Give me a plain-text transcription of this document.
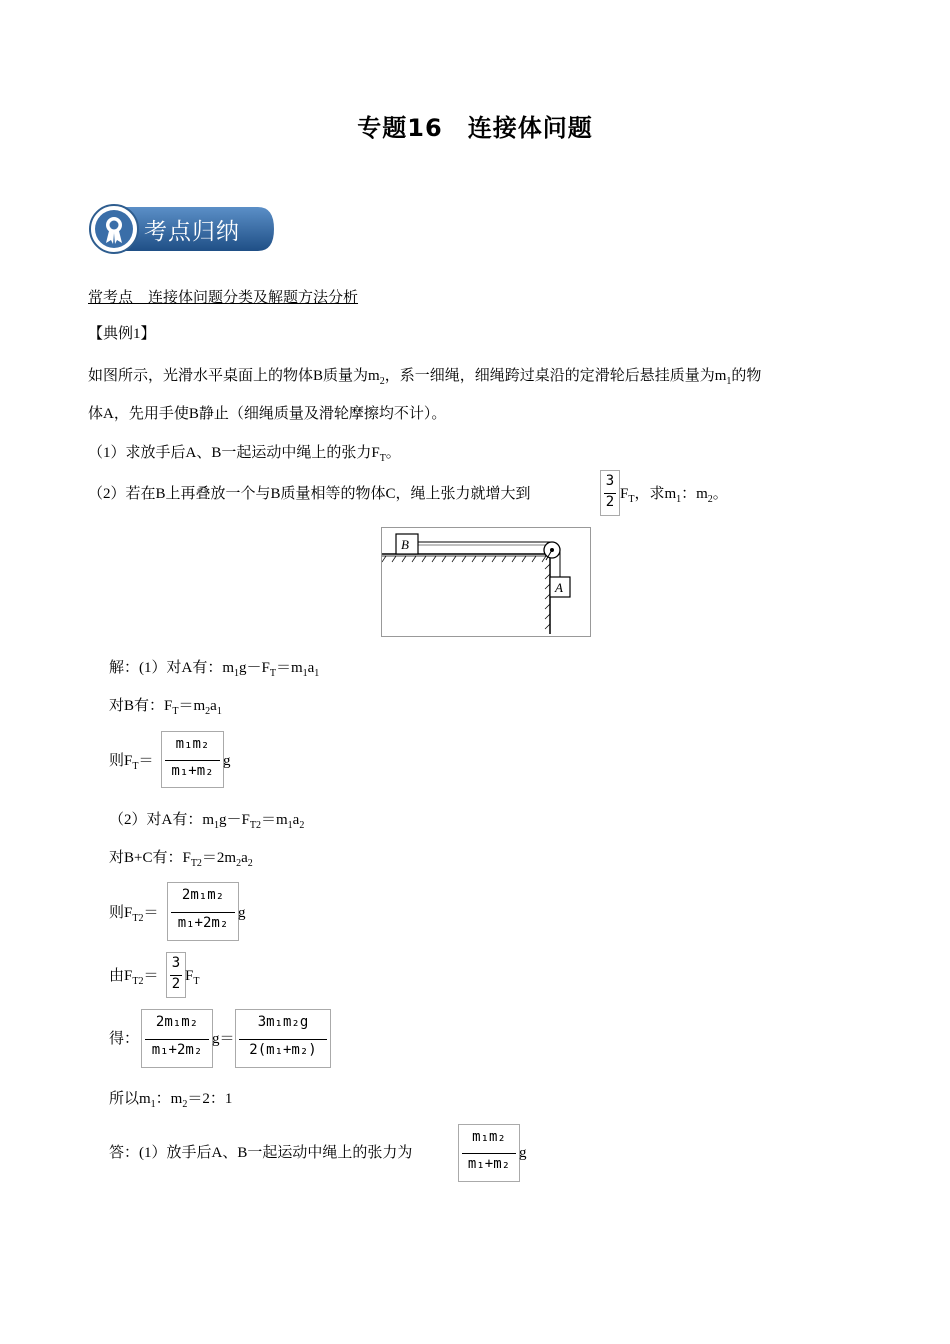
专题16　连接体问题
考点归纳
常考点　连接体问题分类及解题方法分析
【典例1】
如图所示，光滑水平桌面上的物体B质量为$m_2$，系一细绳，细绳跨过桌沿的定滑轮后悬挂质量为$m_1$的物
体A，先用手使B静止（细绳质量及滑轮摩擦均不计）。
（1）求放手后A、B一起运动中绳上的张力$F_T$。
（2）若在B上再叠放一个与B质量相等的物体C，绳上张力就增大到
3
2 $F_T$，求$m_1$：$m_2$。
B
A
解：(1）对A有：$m_1g-F_T=m_1a_1$
对B有：$F_T=m_2a_1$
则$F_T=$
m₁m₂
m₁+m₂
g
（2）对A有：$m_1g-F_{T2}=m_1a_2$
对B+C有：$F_{T2}=2m_2a_2$
则$F_{T2}=$
2m₁m₂
m₁+2m₂
g
由$F_{T2}=$
3
2 $F_T$
得：
2m₁m₂
m₁+2m₂
g＝
3m₁m₂g
2(m₁+m₂)
所以$m_1$：$m_2=2$：1
答：(1）放手后A、B一起运动中绳上的张力为
m₁m₂
m₁+m₂
g
